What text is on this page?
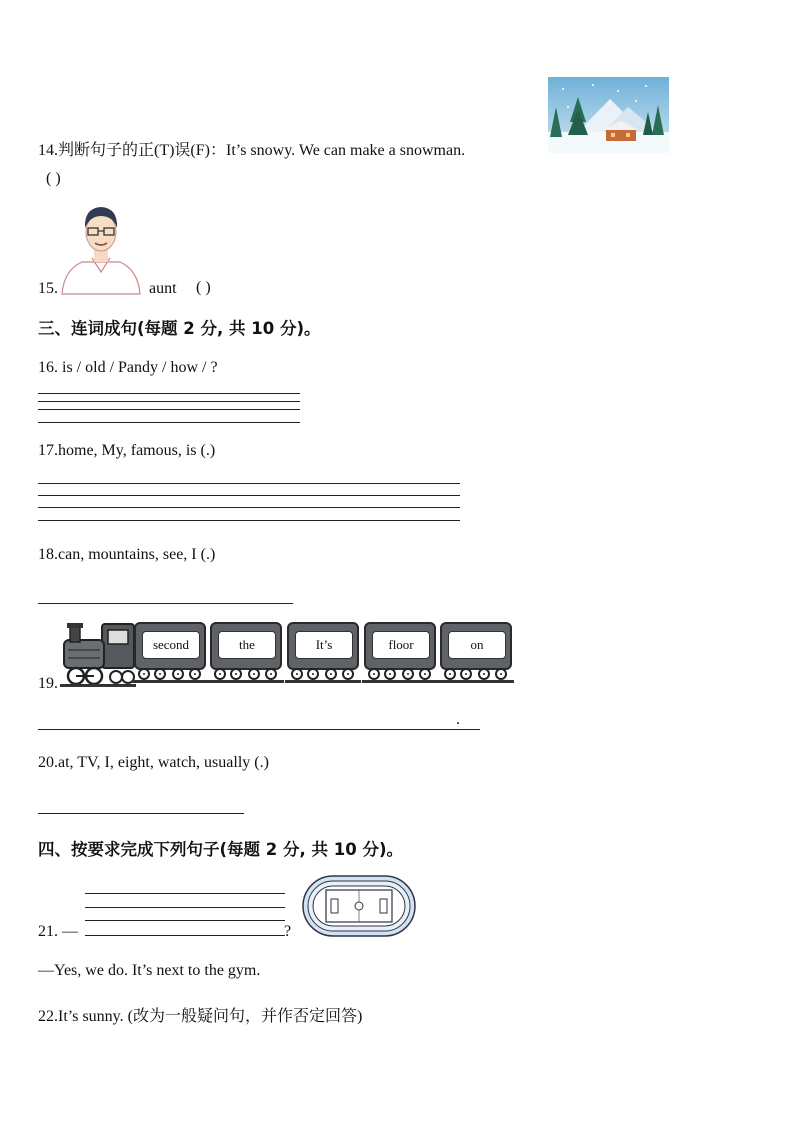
14.判断句子的正(T)误(F)：It’s snowy. We can make a snowman.
( )
15.	aunt ( )
三、连词成句(每题 2 分, 共 10 分)。
16. is / old / Pandy / how / ?
17.home, My, famous, is (.)
18.can, mountains, see, I (.)
second	the	It’s	floor	on
19.
.
20.at, TV, I, eight, watch, usually (.)
四、按要求完成下列句子(每题 2 分, 共 10 分)。
21. —	?
—Yes, we do. It’s next to the gym.
22.It’s sunny. (改为一般疑问句，并作否定回答)
